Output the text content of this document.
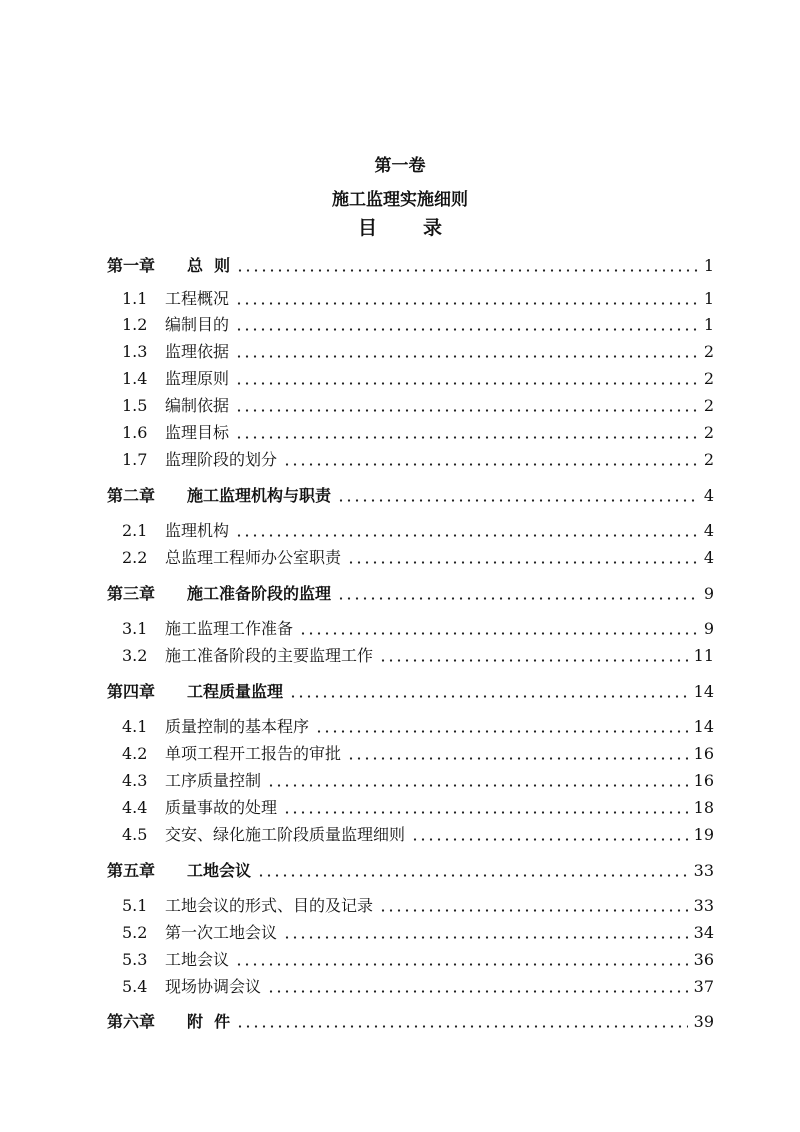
第一卷
施工监理实施细则
目 录
第一章	总  则	1
1.1	工程概况	1
1.2	编制目的	1
1.3	监理依据	2
1.4	监理原则	2
1.5	编制依据	2
1.6	监理目标	2
1.7	监理阶段的划分	2
第二章	施工监理机构与职责	4
2.1	监理机构	4
2.2	总监理工程师办公室职责	4
第三章	施工准备阶段的监理	9
3.1	施工监理工作准备	9
3.2	施工准备阶段的主要监理工作	11
第四章	工程质量监理	14
4.1	质量控制的基本程序	14
4.2	单项工程开工报告的审批	16
4.3	工序质量控制	16
4.4	质量事故的处理	18
4.5	交安、绿化施工阶段质量监理细则	19
第五章	工地会议	33
5.1	工地会议的形式、目的及记录	33
5.2	第一次工地会议	34
5.3	工地会议	36
5.4	现场协调会议	37
第六章	附  件	39
